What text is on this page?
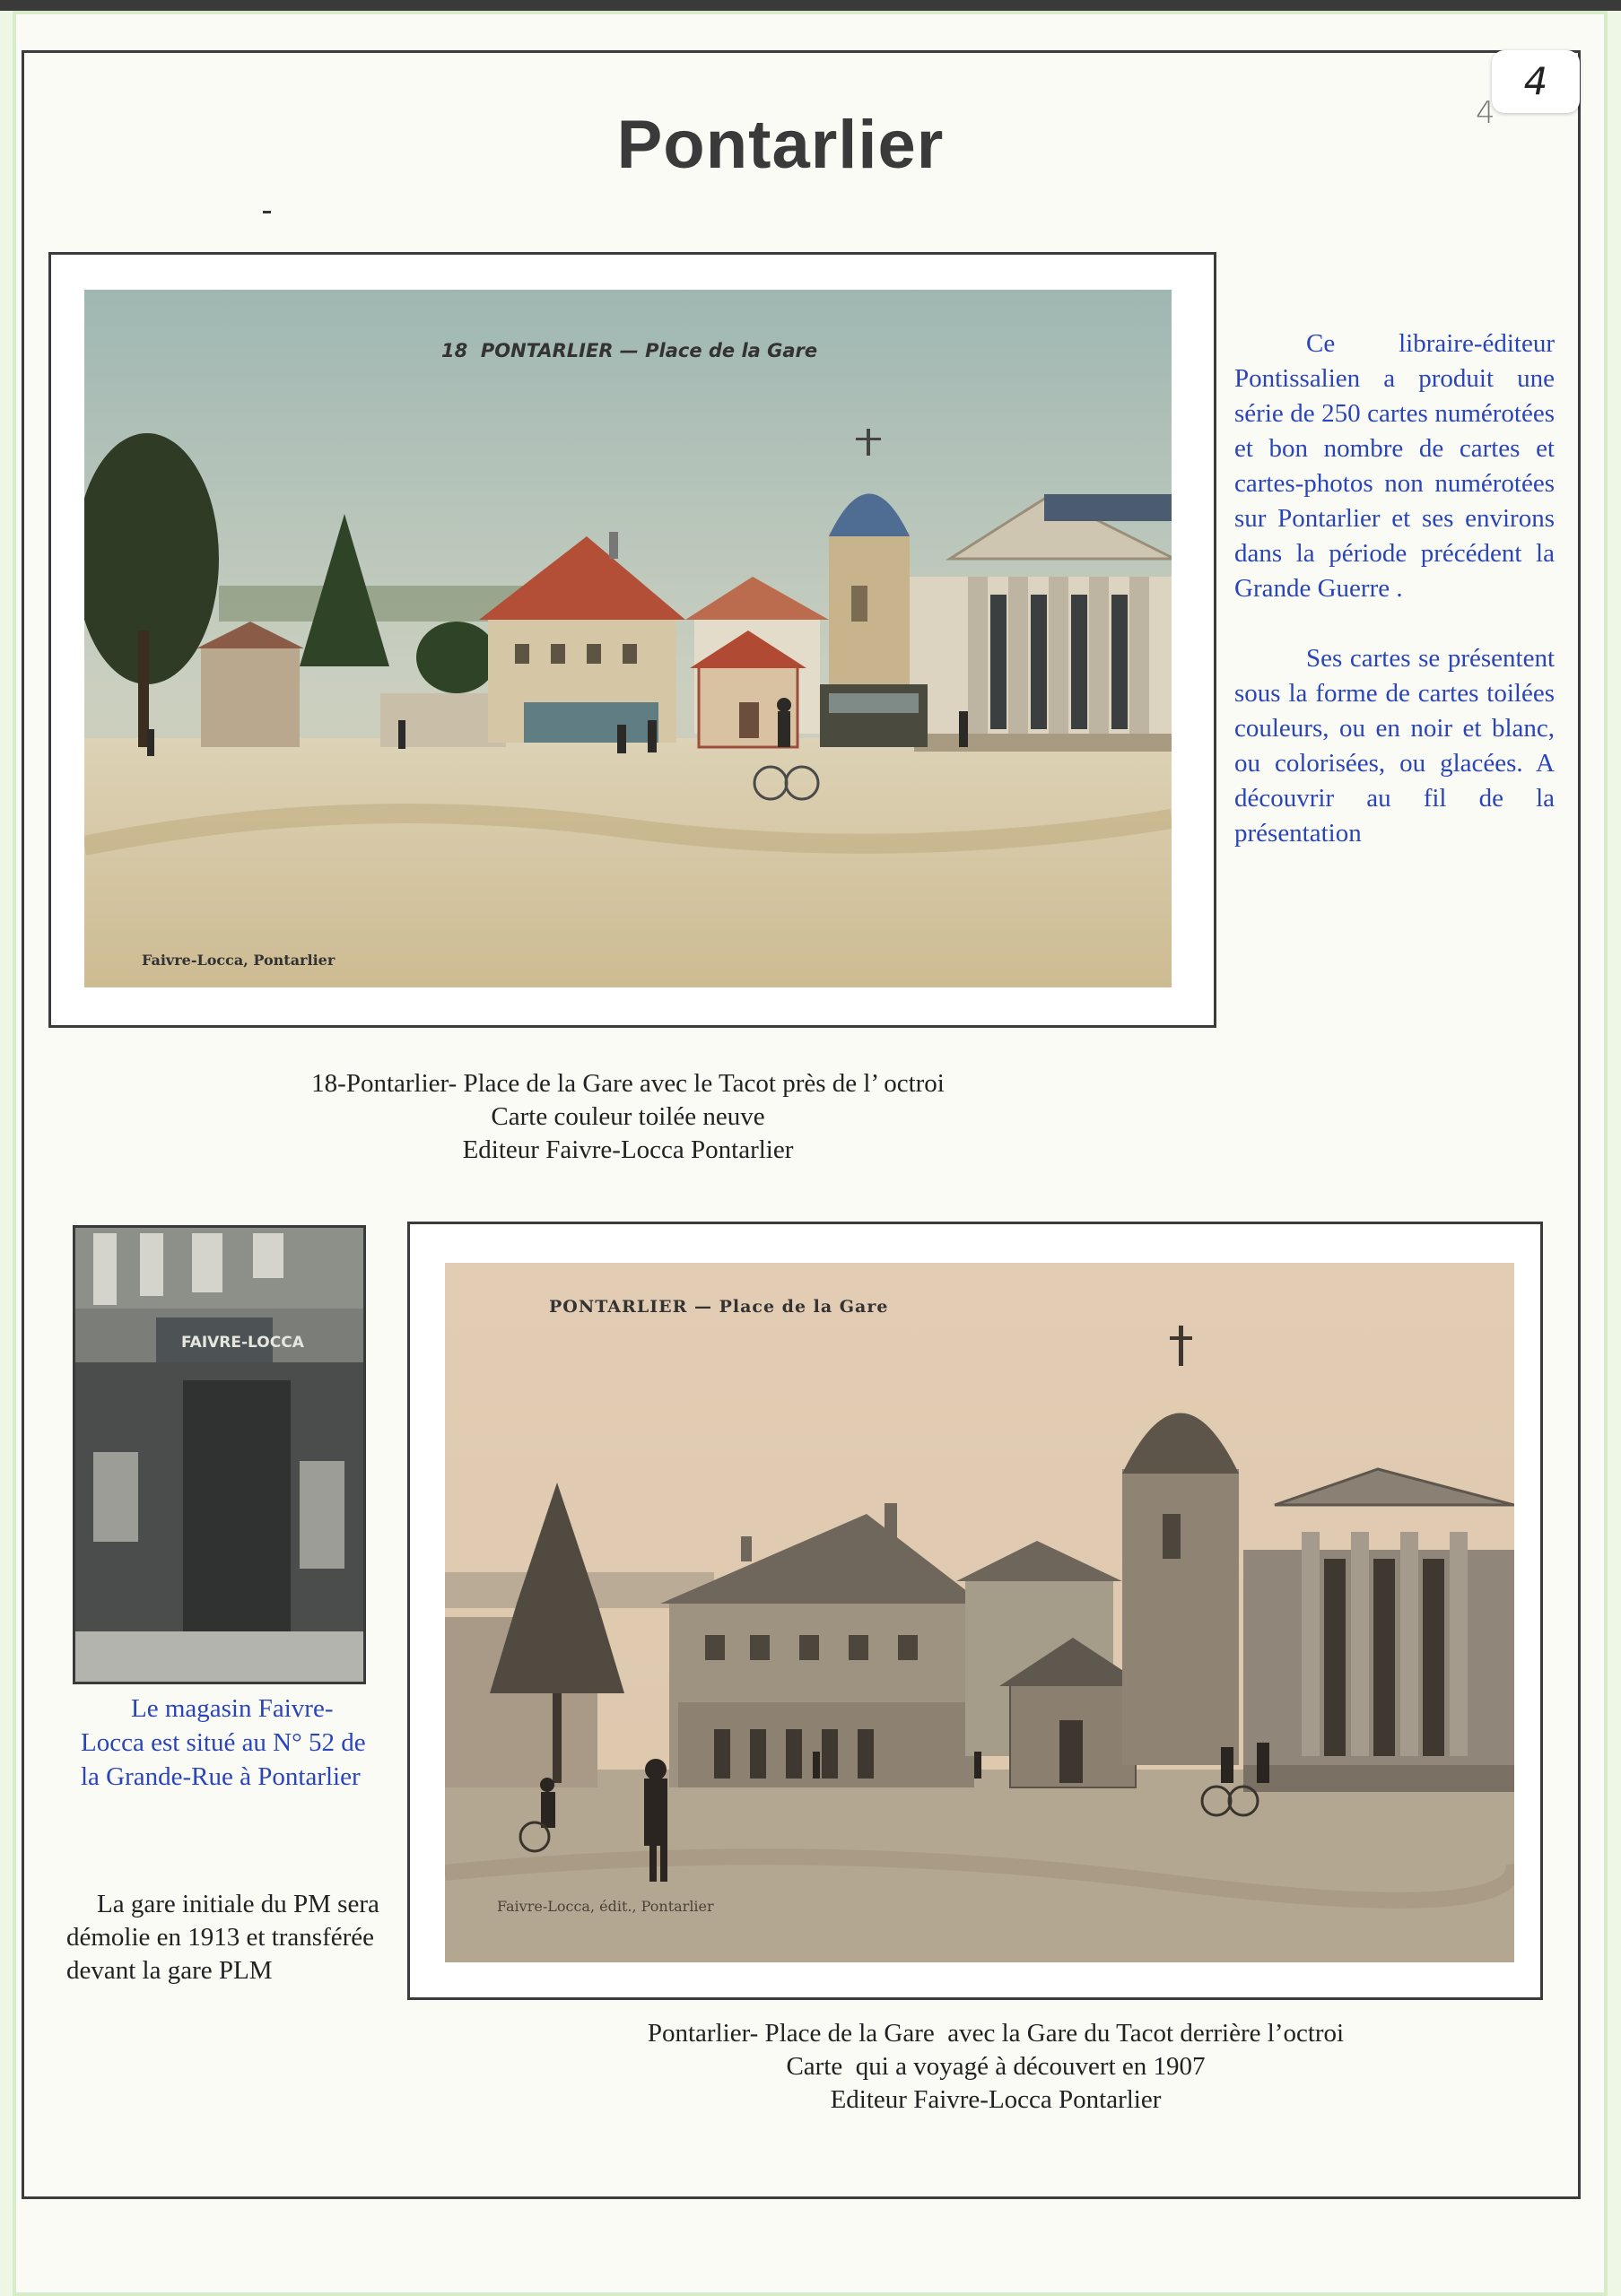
4
4
Pontarlier
18  PONTARLIER — Place de la Gare
Faivre-Locca, Pontarlier
18-Pontarlier- Place de la Gare avec le Tacot près de l’ octroi
Carte couleur toilée neuve
Editeur Faivre-Locca Pontarlier

Ce libraire-éditeur Pontissalien a produit une série de 250 cartes numérotées et bon nombre de cartes et cartes-photos non numérotées sur Pontarlier et ses environs dans la période précédent la Grande Guerre .

Ses cartes se présentent sous la forme de cartes toilées couleurs, ou en noir et blanc, ou colorisées, ou glacées. A découvrir au fil de la présentation

FAIVRE-LOCCA
Le magasin Faivre-Locca est situé au N° 52 de la Grande-Rue à Pontarlier
La gare initiale du PM sera démolie en 1913 et transférée devant la gare PLM
PONTARLIER — Place de la Gare
Faivre-Locca, édit., Pontarlier
Pontarlier- Place de la Gare  avec la Gare du Tacot derrière l’octroi
Carte  qui a voyagé à découvert en 1907
Editeur Faivre-Locca Pontarlier
